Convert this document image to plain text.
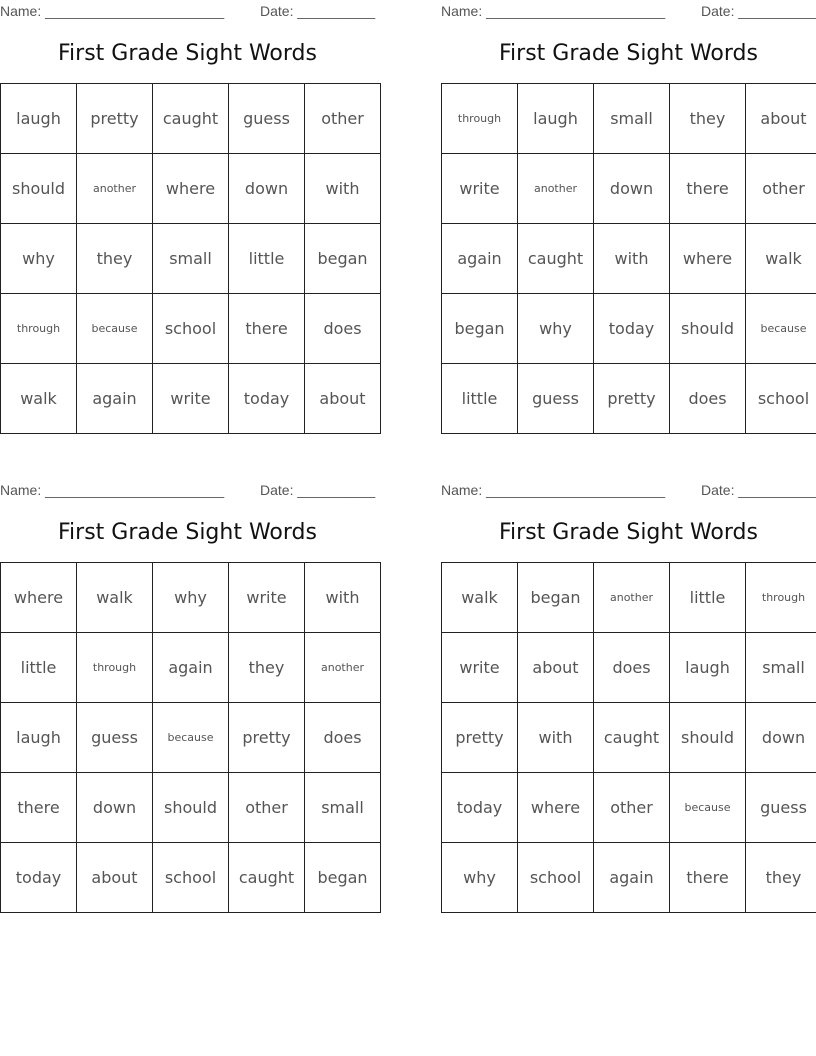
Name: _______________________	Date: __________
First Grade Sight Words
laugh	pretty	caught	guess	other
should	another	where	down	with
why	they	small	little	began
through	because	school	there	does
walk	again	write	today	about
Name: _______________________	Date: __________
First Grade Sight Words
through	laugh	small	they	about
write	another	down	there	other
again	caught	with	where	walk
began	why	today	should	because
little	guess	pretty	does	school
Name: _______________________	Date: __________
First Grade Sight Words
where	walk	why	write	with
little	through	again	they	another
laugh	guess	because	pretty	does
there	down	should	other	small
today	about	school	caught	began
Name: _______________________	Date: __________
First Grade Sight Words
walk	began	another	little	through
write	about	does	laugh	small
pretty	with	caught	should	down
today	where	other	because	guess
why	school	again	there	they
